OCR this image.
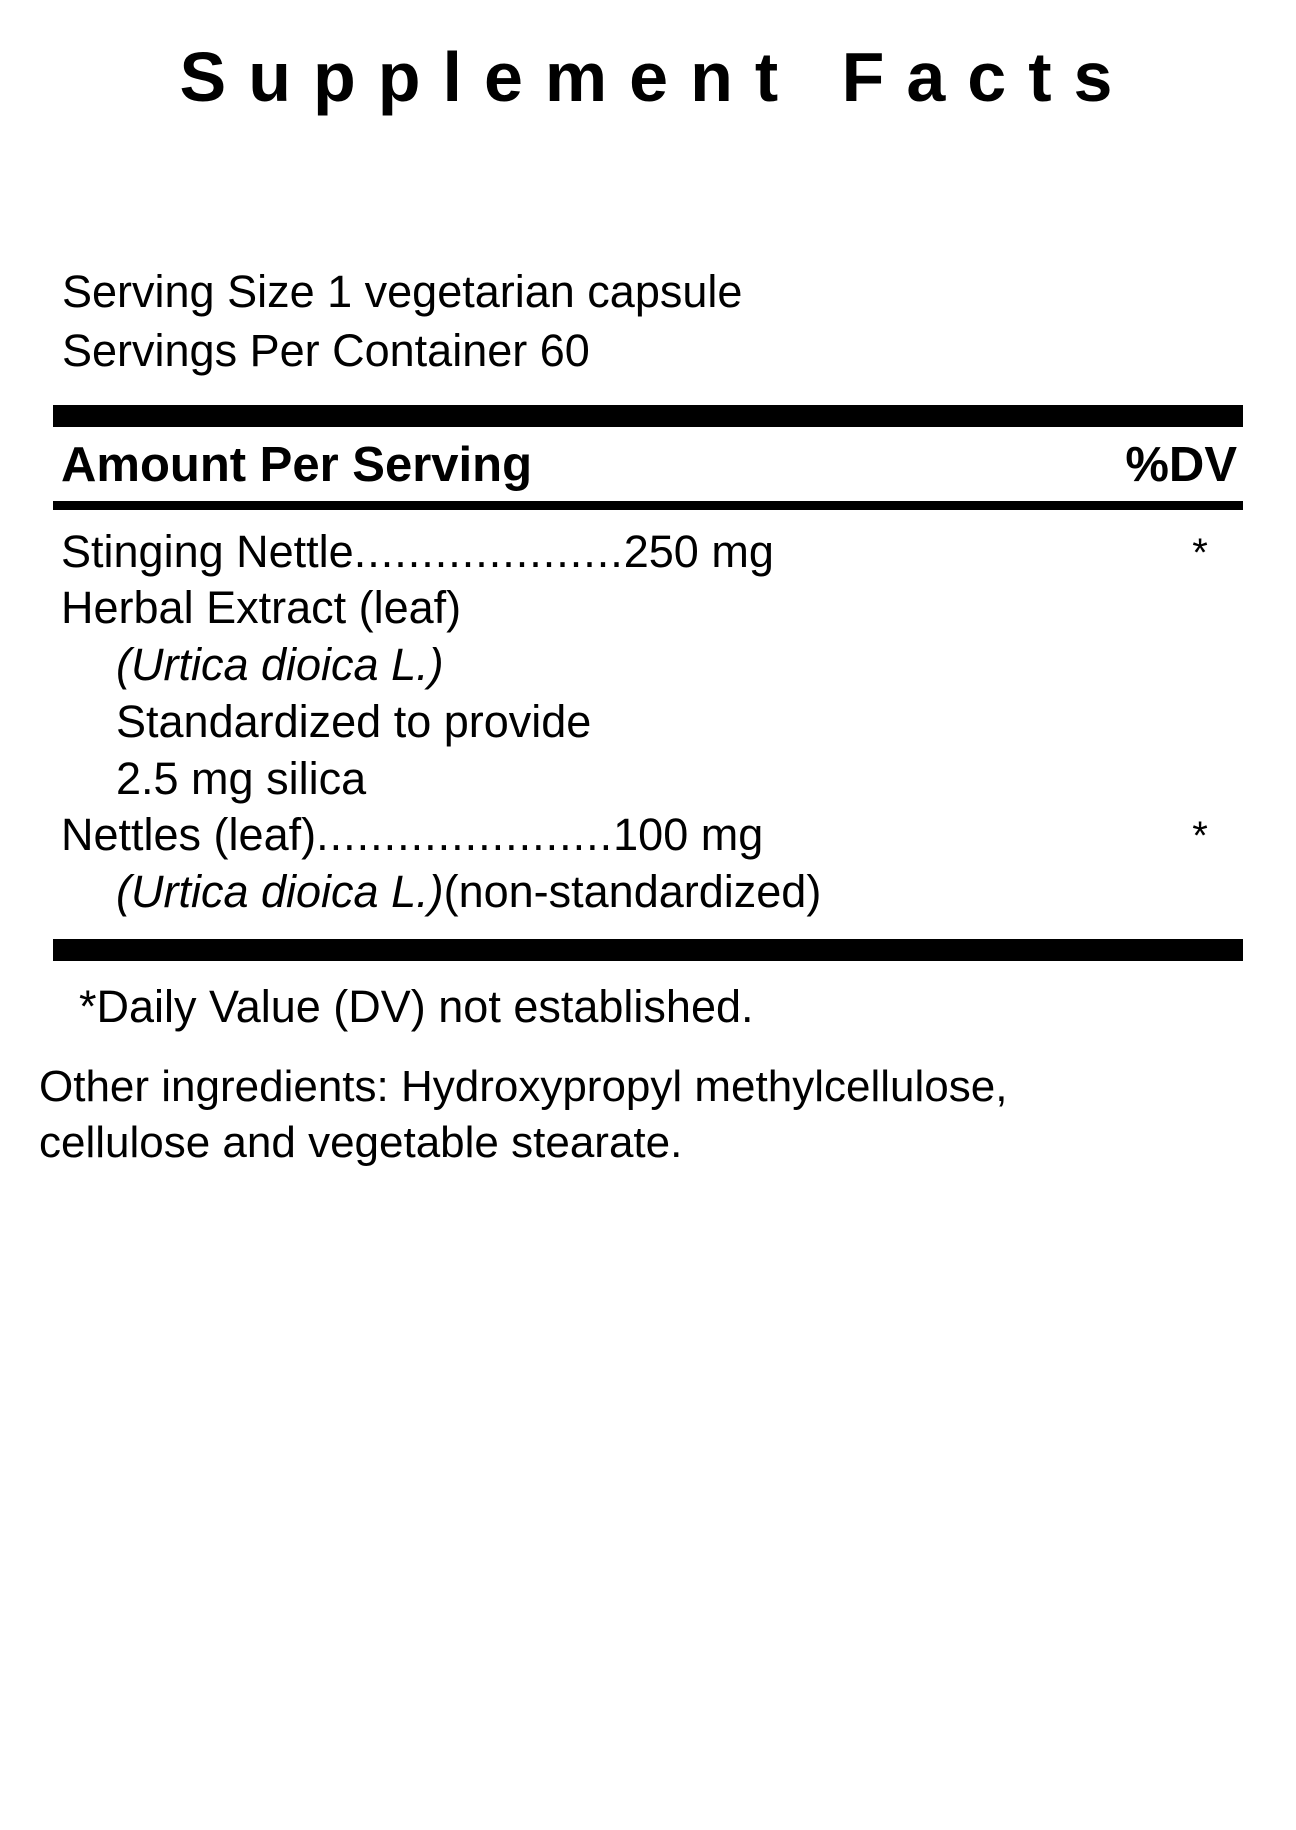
Supplement Facts
Serving Size 1 vegetarian capsule
Servings Per Container 60
Amount Per Serving	%DV
Stinging Nettle .................... 250 mg
Herbal Extract (leaf)
(Urtica dioica L.)
Standardized to provide
2.5 mg silica
*
Nettles (leaf) ...................... 100 mg
(Urtica dioica L.)(non-standardized)
*
*Daily Value (DV) not established.
Other ingredients: Hydroxypropyl methylcellulose,
cellulose and vegetable stearate.
